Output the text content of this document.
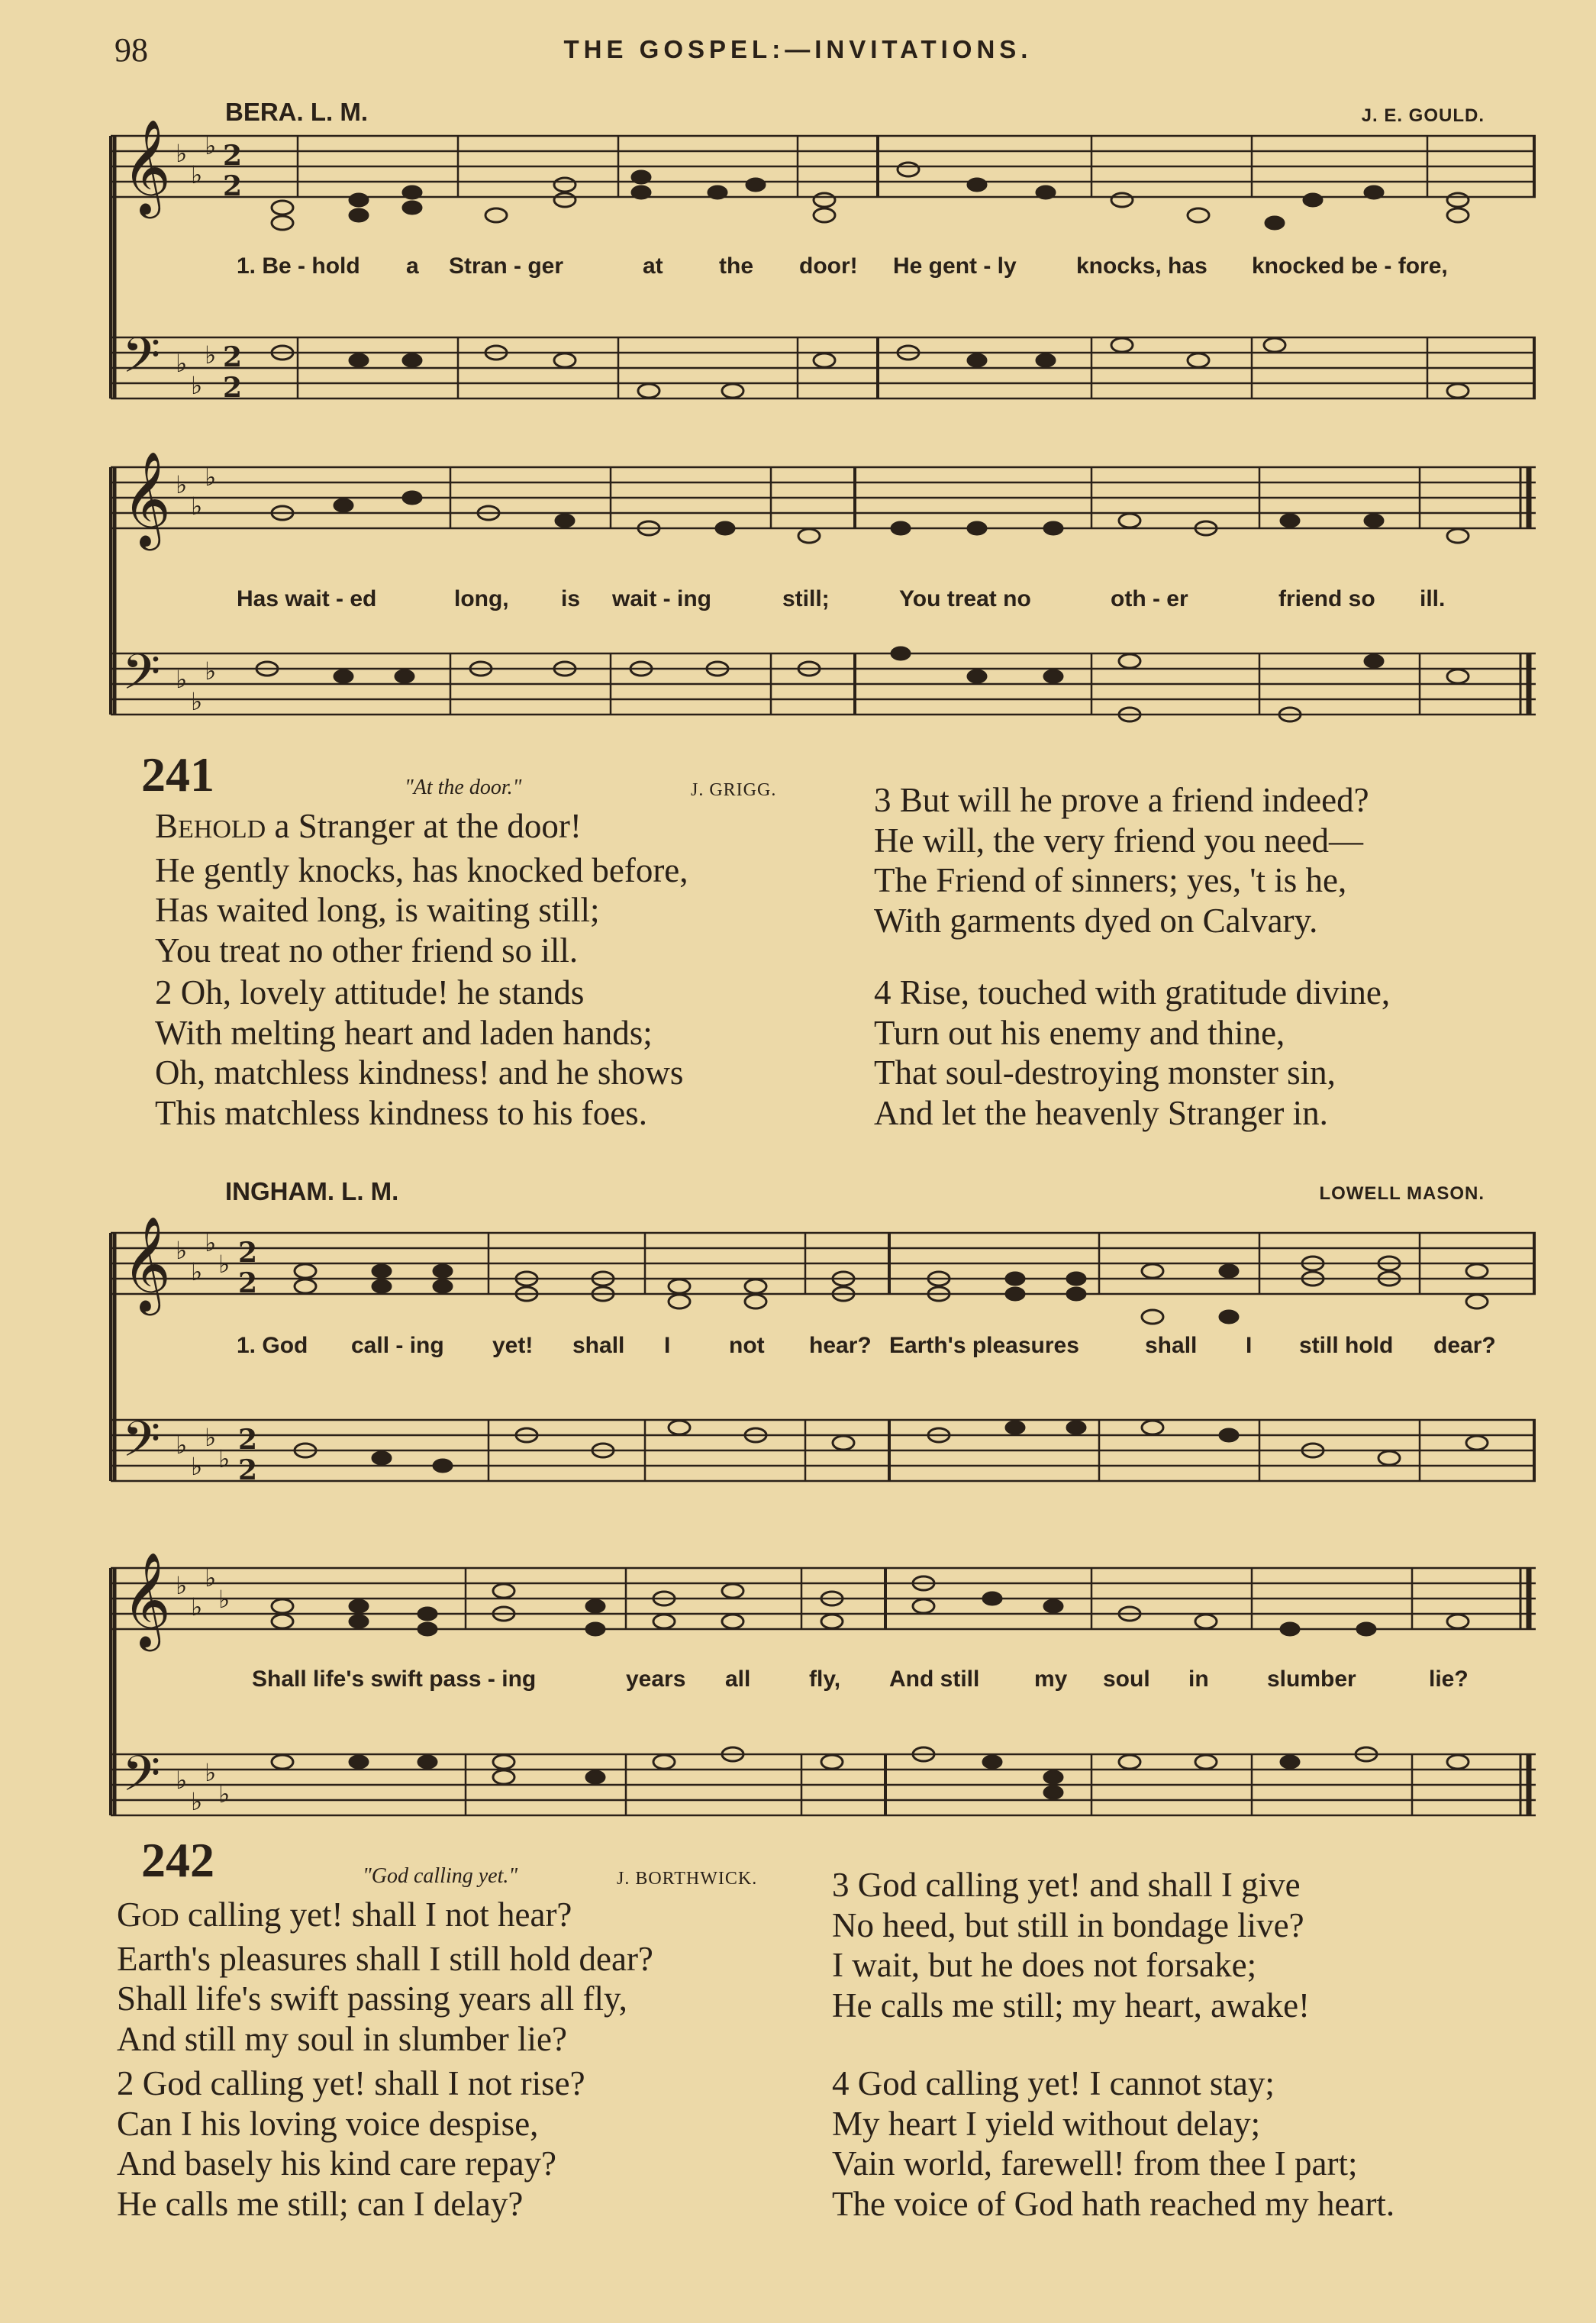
98	THE GOSPEL:—INVITATIONS.
BERA. L. M.	J. E. GOULD.
𝄞
𝄢
𝄞
𝄢
♭
♭
♭
♭
♭
♭
♭
♭
♭
♭
♭
♭
2
2
2
2
1. Be - hold a Stran - ger	at the door! He gent - ly	knocks, has knocked be - fore,
Has wait - ed	long, is wait - ing	still;	You treat no	oth - er	friend so ill.
241	"At the door."	J. GRIGG.
BEHOLD a Stranger at the door!
He gently knocks, has knocked before,
Has waited long, is waiting still;
You treat no other friend so ill.
2 Oh, lovely attitude! he stands
With melting heart and laden hands;
Oh, matchless kindness! and he shows
This matchless kindness to his foes.
3 But will he prove a friend indeed?
He will, the very friend you need—
The Friend of sinners; yes, 't is he,
With garments dyed on Calvary.
4 Rise, touched with gratitude divine,
Turn out his enemy and thine,
That soul-destroying monster sin,
And let the heavenly Stranger in.
INGHAM. L. M.	LOWELL MASON.
𝄞
𝄢
𝄞
𝄢
♭
♭
♭
♭
♭
♭
♭
♭
♭
♭
♭
♭
♭
♭
♭
♭
2
2
2
2
1. God call - ing yet! shall I	not hear? Earth's pleasures	shall I still hold dear?
Shall life's swift pass - ing	years all	fly, And still my soul in	slumber	lie?
242	"God calling yet."	J. BORTHWICK.
GOD calling yet! shall I not hear?
Earth's pleasures shall I still hold dear?
Shall life's swift passing years all fly,
And still my soul in slumber lie?
2 God calling yet! shall I not rise?
Can I his loving voice despise,
And basely his kind care repay?
He calls me still; can I delay?
3 God calling yet! and shall I give
No heed, but still in bondage live?
I wait, but he does not forsake;
He calls me still; my heart, awake!
4 God calling yet! I cannot stay;
My heart I yield without delay;
Vain world, farewell! from thee I part;
The voice of God hath reached my heart.
